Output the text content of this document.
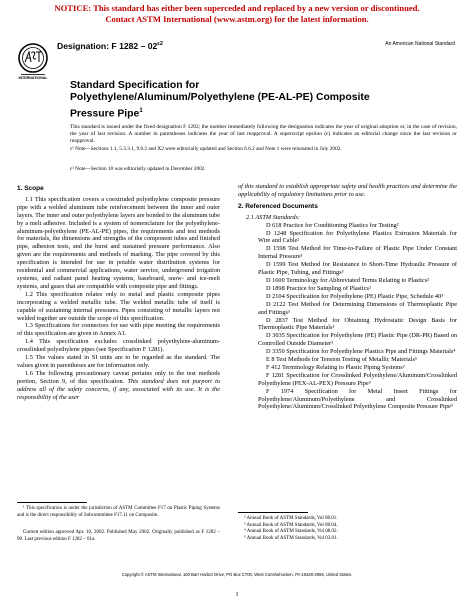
NOTICE: This standard has either been superceded and replaced by a new version or discontinued.
Contact ASTM International (www.astm.org) for the latest information.
INTERNATIONAL
Designation: F $1282 - 02^{\varepsilon 2}$	An American National Standard
Standard Specification for
Polyethylene/Aluminum/Polyethylene (PE-AL-PE) Composite
Pressure Pipe$^1$
This standard is issued under the fixed designation F 1282; the number immediately following the designation indicates the year of original adoption or, in the case of revision, the year of last revision. A number in parentheses indicates the year of last reapproval. A superscript epsilon (ε) indicates an editorial change since the last revision or reapproval.
ε¹ Note—Sections 1.1, 5.3.3.1, 9.6.2 and X2 were editorially updated and Section 6.6.2 and Note 1 were reinstated in July 2002.
ε² Note—Section 10 was editorially updated in December 2002.

1. Scope

1.1 This specification covers a coextruded polyethylene composite pressure pipe with a welded aluminum tube reinforcement between the inner and outer layers. The inner and outer polyethylene layers are bonded to the aluminum tube by a melt adhesive. Included is a system of nomenclature for the polyethylene-aluminum-polyethylene (PE-AL-PE) pipes, the requirements and test methods for materials, the dimensions and strengths of the component tubes and finished pipe, adhesion tests, and the burst and sustained pressure performance. Also given are the requirements and methods of marking. The pipe covered by this specification is intended for use in potable water distribution systems for residential and commercial applications, water service, underground irrigation systems, and radiant panel heating systems, baseboard, snow- and ice-melt systems, and gases that are compatible with composite pipe and fittings.

1.2 This specification relates only to metal and plastic composite pipes incorporating a welded metallic tube. The welded metallic tube of itself is capable of sustaining internal pressures. Pipes consisting of metallic layers not welded together are outside the scope of this specification.

1.3 Specifications for connectors for use with pipe meeting the requirements of this specification are given in Annex A1.

1.4 This specification excludes crosslinked polyethylene-aluminum-crosslinked polyethylene pipes (see Specification F 1281).

1.5 The values stated in SI units are to be regarded as the standard. The values given in parentheses are for information only.

1.6 The following precautionary caveat pertains only to the test methods portion, Section 9, of this specification. This standard does not purport to address all of the safety concerns, if any, associated with its use. It is the responsibility of the user

¹ This specification is under the jurisdiction of ASTM Committee F17 on Plastic Piping Systems and is the direct responsibility of Subcommittee F17.11 on Composite.
Current edition approved Apr. 10, 2002. Published May 2002. Originally published as F 1282 – 90. Last previous edition F 1282 – 01a.

of this standard to establish appropriate safety and health practices and determine the applicability of regulatory limitations prior to use.

2. Referenced Documents

2.1 ASTM Standards:

D 618 Practice for Conditioning Plastics for Testing²

D 1248 Specification for Polyethylene Plastics Extrusion Materials for Wire and Cable²

D 1598 Test Method for Time-to-Failure of Plastic Pipe Under Constant Internal Pressure³

D 1599 Test Method for Resistance to Short-Time Hydraulic Pressure of Plastic Pipe, Tubing, and Fittings³

D 1600 Terminology for Abbreviated Terms Relating to Plastics²

D 1898 Practice for Sampling of Plastics²

D 2104 Specification for Polyethylene (PE) Plastic Pipe, Schedule 40³

D 2122 Test Method for Determining Dimensions of Thermoplastic Pipe and Fittings³

D 2837 Test Method for Obtaining Hydrostatic Design Basis for Thermoplastic Pipe Materials³

D 3035 Specification for Polyethylene (PE) Plastic Pipe (DR-PR) Based on Controlled Outside Diameter³

D 3350 Specification for Polyethylene Plastics Pipe and Fittings Materials⁴

E 8 Test Methods for Tension Testing of Metallic Materials⁵

F 412 Terminology Relating to Plastic Piping Systems³

F 1281 Specification for Crosslinked Polyethylene/Aluminum/Crosslinked Polyethylene (PEX-AL-PEX) Pressure Pipe³

F 1974 Specification for Metal Insert Fittings for Polyethylene/Aluminum/Polyethylene and Crosslinked Polyethylene/Aluminum/Crosslinked Polyethylene Composite Pressure Pipe³

² Annual Book of ASTM Standards, Vol 08.01.
³ Annual Book of ASTM Standards, Vol 08.04.
⁴ Annual Book of ASTM Standards, Vol 08.02.
⁵ Annual Book of ASTM Standards, Vol 03.01.
Copyright © ASTM International, 100 Barr Harbor Drive, PO Box C700, West Conshohocken, PA 19428-2959, United States.
1
